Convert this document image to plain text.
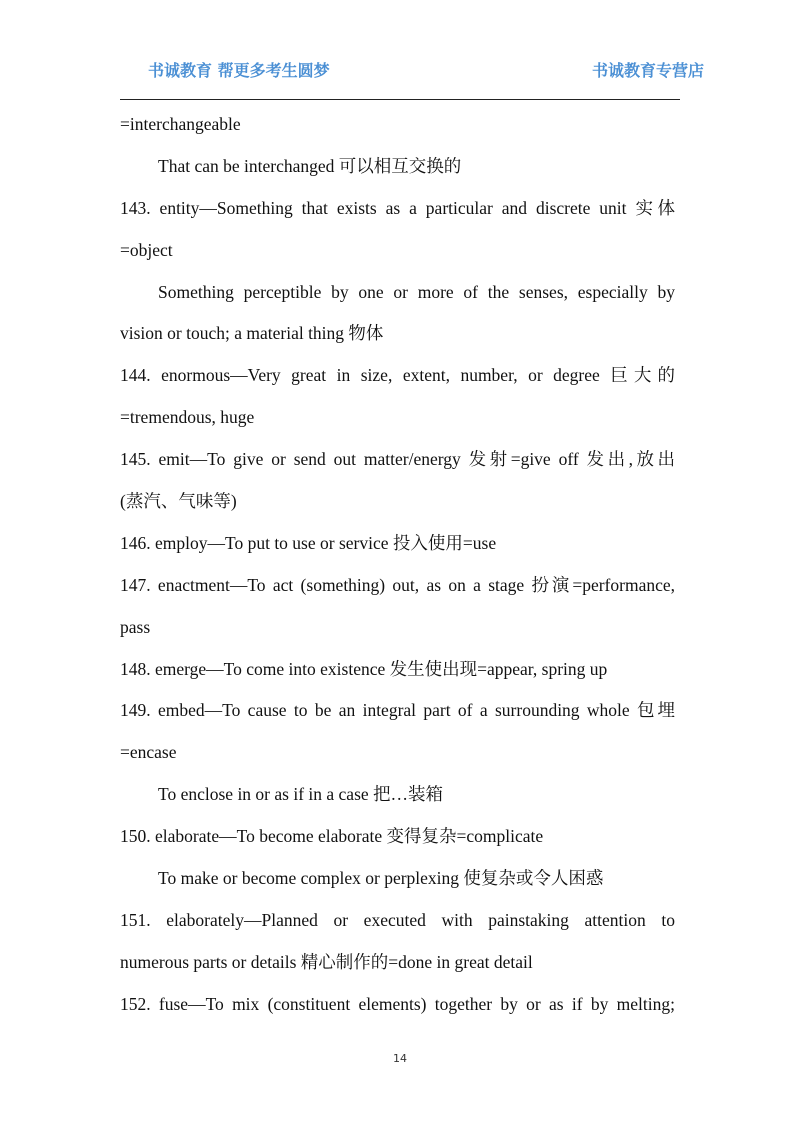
书诚教育 帮更多考生圆梦	书诚教育专营店
=interchangeable
That can be interchanged 可以相互交换的
143. entity—Something that exists as a particular and discrete unit 实体
=object
Something perceptible by one or more of the senses, especially by
vision or touch; a material thing 物体
144. enormous—Very great in size, extent, number, or degree 巨大的
=tremendous, huge
145. emit—To give or send out matter/energy 发射=give off 发出,放出
(蒸汽、气味等)
146. employ—To put to use or service 投入使用=use
147. enactment—To act (something) out, as on a stage 扮演=performance,
pass
148. emerge—To come into existence 发生使出现=appear, spring up
149. embed—To cause to be an integral part of a surrounding whole 包埋
=encase
To enclose in or as if in a case 把…装箱
150. elaborate—To become elaborate 变得复杂=complicate
To make or become complex or perplexing 使复杂或令人困惑
151. elaborately—Planned or executed with painstaking attention to
numerous parts or details 精心制作的=done in great detail
152. fuse—To mix (constituent elements) together by or as if by melting;
14
